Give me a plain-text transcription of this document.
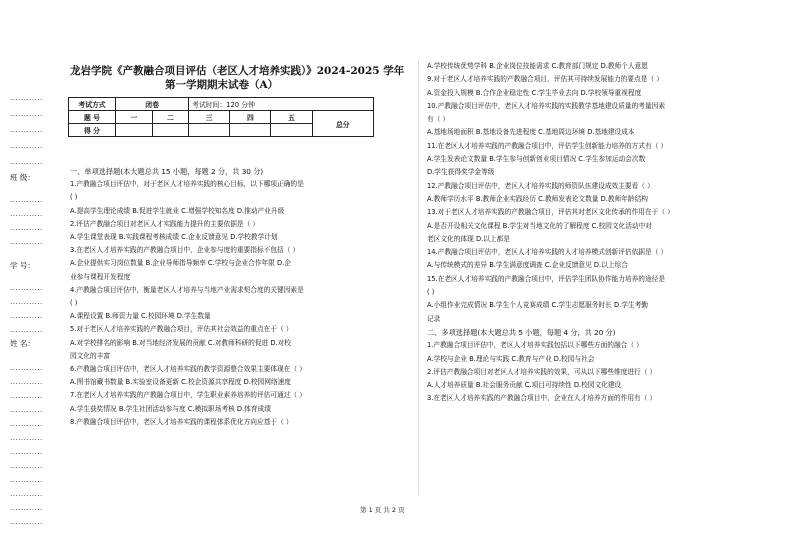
龙岩学院《产教融合项目评估（老区人才培养实践）》2024-2025 学年
第一学期期末试卷（A）
考试方式	闭卷		考试时间：120 分钟			
题 号	一	二	三	四	五	总分
得 分						
············
············
············
············
············
班 级：
············
············
············
············
学 号：
············
············
············
············
姓 名：
············
············
············
············
············
············
············
············
············
············
············
············
一、单项选择题(本大题总共 15 小题，每题 2 分，共 30 分)
1.产教融合项目评估中，对于老区人才培养实践的核心目标，以下哪项正确的是
( )
A.提高学生理论成绩 B.促进学生就业 C.增强学校知名度 D.推动产业升级
2.评估产教融合项目对老区人才实践能力提升的主要依据是（ ）
A.学生课堂表现 B.实践课程考核成绩 C.企业反馈意见 D.学校教学计划
3.在老区人才培养实践的产教融合项目中，企业参与度的重要指标不包括（ ）
A.企业提供实习岗位数量 B.企业导师指导频率 C.学校与企业合作年限 D.企
业参与课程开发程度
4.产教融合项目评估中，衡量老区人才培养与当地产业需求契合度的关键因素是
( )
A.课程设置 B.师资力量 C.校园环境 D.学生数量
5.对于老区人才培养实践的产教融合项目，评估其社会效益的重点在于（ ）
A.对学校排名的影响 B.对当地经济发展的贡献 C.对教师科研的促进 D.对校
园文化的丰富
6.产教融合项目评估中，老区人才培养实践的教学资源整合效果主要体现在（ ）
A.图书馆藏书数量 B.实验室设备更新 C.校企资源共享程度 D.校园网络速度
7.在老区人才培养实践的产教融合项目中，学生职业素养培养的评估可通过（ ）
A.学生获奖情况 B.学生社团活动参与度 C.模拟职场考核 D.体育成绩
8.产教融合项目评估中，老区人才培养实践的课程体系优化方向应基于（ ）
A.学校传统优势学科 B.企业岗位技能需求 C.教育部门规定 D.教师个人意愿
9.对于老区人才培养实践的产教融合项目，评估其可持续发展能力的要点是（ ）
A.资金投入规模 B.合作企业稳定性 C.学生毕业去向 D.学校领导重视程度
10.产教融合项目评估中，老区人才培养实践的实践教学基地建设质量的考量因素
有（ ）
A.基地场地面积 B.基地设备先进程度 C.基地周边环境 D.基地建设成本
11.在老区人才培养实践的产教融合项目中，评估学生创新能力培养的方式有（ ）
A.学生发表论文数量 B.学生参与创新创业项目情况 C.学生参加运动会次数
D.学生获得奖学金等级
12.产教融合项目评估中，老区人才培养实践的师资队伍建设成效主要看（ ）
A.教师学历水平 B.教师企业实践经历 C.教师发表论文数量 D.教师年龄结构
13.对于老区人才培养实践的产教融合项目，评估其对老区文化传承的作用在于（ ）
A.是否开设相关文化课程 B.学生对当地文化的了解程度 C.校园文化活动中对
老区文化的体现 D.以上都是
14.产教融合项目评估中，老区人才培养实践的人才培养模式创新评估依据是（ ）
A.与传统模式的差异 B.学生满意度调查 C.企业反馈意见 D.以上综合
15.在老区人才培养实践的产教融合项目中，评估学生团队协作能力培养的途径是
( )
A.小组作业完成情况 B.学生个人竞赛成绩 C.学生志愿服务时长 D.学生考勤
记录
二、多项选择题(本大题总共 5 小题，每题 4 分，共 20 分)
1.产教融合项目评估中，老区人才培养实践包括以下哪些方面的融合（ ）
A.学校与企业 B.理论与实践 C.教育与产业 D.校园与社会
2.评估产教融合项目对老区人才培养实践的效果，可从以下哪些维度进行（ ）
A.人才培养质量 B.社会服务贡献 C.项目可持续性 D.校园文化建设
3.在老区人才培养实践的产教融合项目中，企业在人才培养方面的作用有（ ）
第 1 页 共 2 页
